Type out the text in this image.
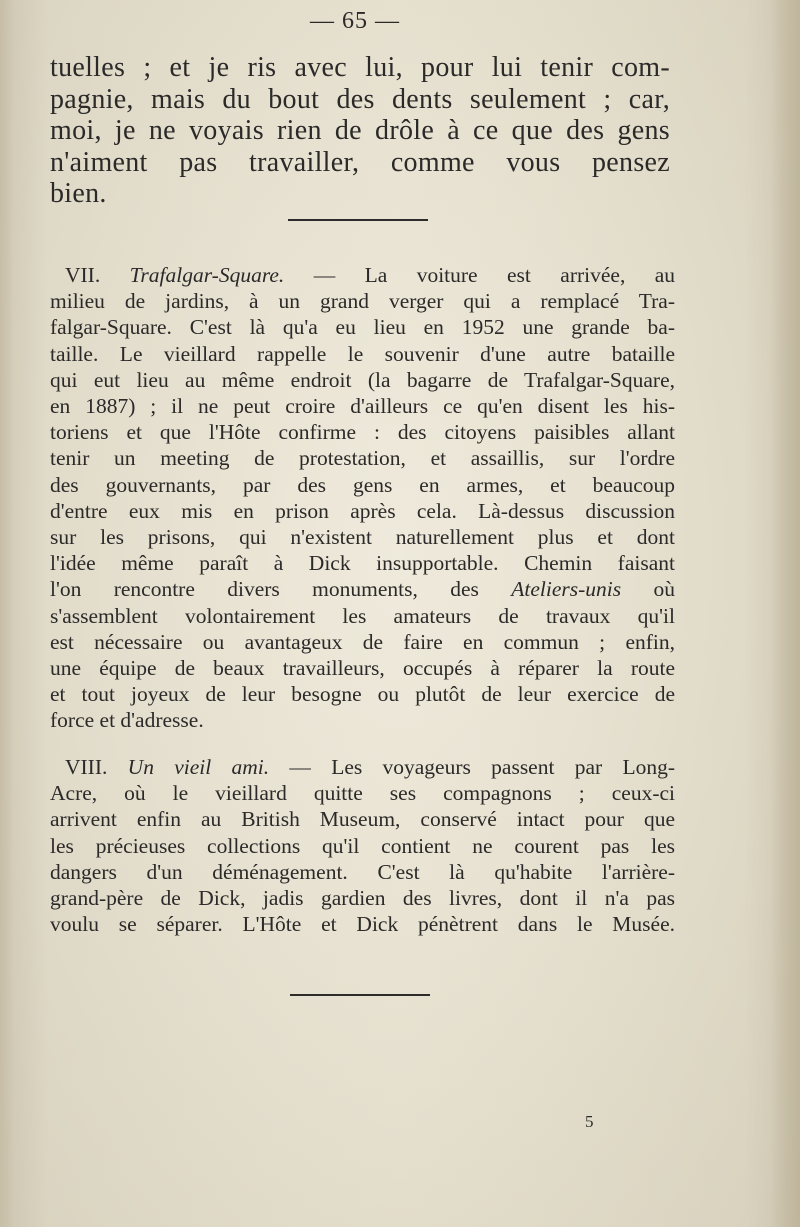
— 65 —
tuelles ; et je ris avec lui, pour lui tenir com-
pagnie, mais du bout des dents seulement ; car,
moi, je ne voyais rien de drôle à ce que des gens
n'aiment pas travailler, comme vous pensez
bien.
VII. Trafalgar-Square. — La voiture est arrivée, au
milieu de jardins, à un grand verger qui a remplacé Tra-
falgar-Square. C'est là qu'a eu lieu en 1952 une grande ba-
taille. Le vieillard rappelle le souvenir d'une autre bataille
qui eut lieu au même endroit (la bagarre de Trafalgar-Square,
en 1887) ; il ne peut croire d'ailleurs ce qu'en disent les his-
toriens et que l'Hôte confirme : des citoyens paisibles allant
tenir un meeting de protestation, et assaillis, sur l'ordre
des gouvernants, par des gens en armes, et beaucoup
d'entre eux mis en prison après cela. Là-dessus discussion
sur les prisons, qui n'existent naturellement plus et dont
l'idée même paraît à Dick insupportable. Chemin faisant
l'on rencontre divers monuments, des Ateliers-unis où
s'assemblent volontairement les amateurs de travaux qu'il
est nécessaire ou avantageux de faire en commun ; enfin,
une équipe de beaux travailleurs, occupés à réparer la route
et tout joyeux de leur besogne ou plutôt de leur exercice de
force et d'adresse.
VIII. Un vieil ami. — Les voyageurs passent par Long-
Acre, où le vieillard quitte ses compagnons ; ceux-ci
arrivent enfin au British Museum, conservé intact pour que
les précieuses collections qu'il contient ne courent pas les
dangers d'un déménagement. C'est là qu'habite l'arrière-
grand-père de Dick, jadis gardien des livres, dont il n'a pas
voulu se séparer. L'Hôte et Dick pénètrent dans le Musée.
5
